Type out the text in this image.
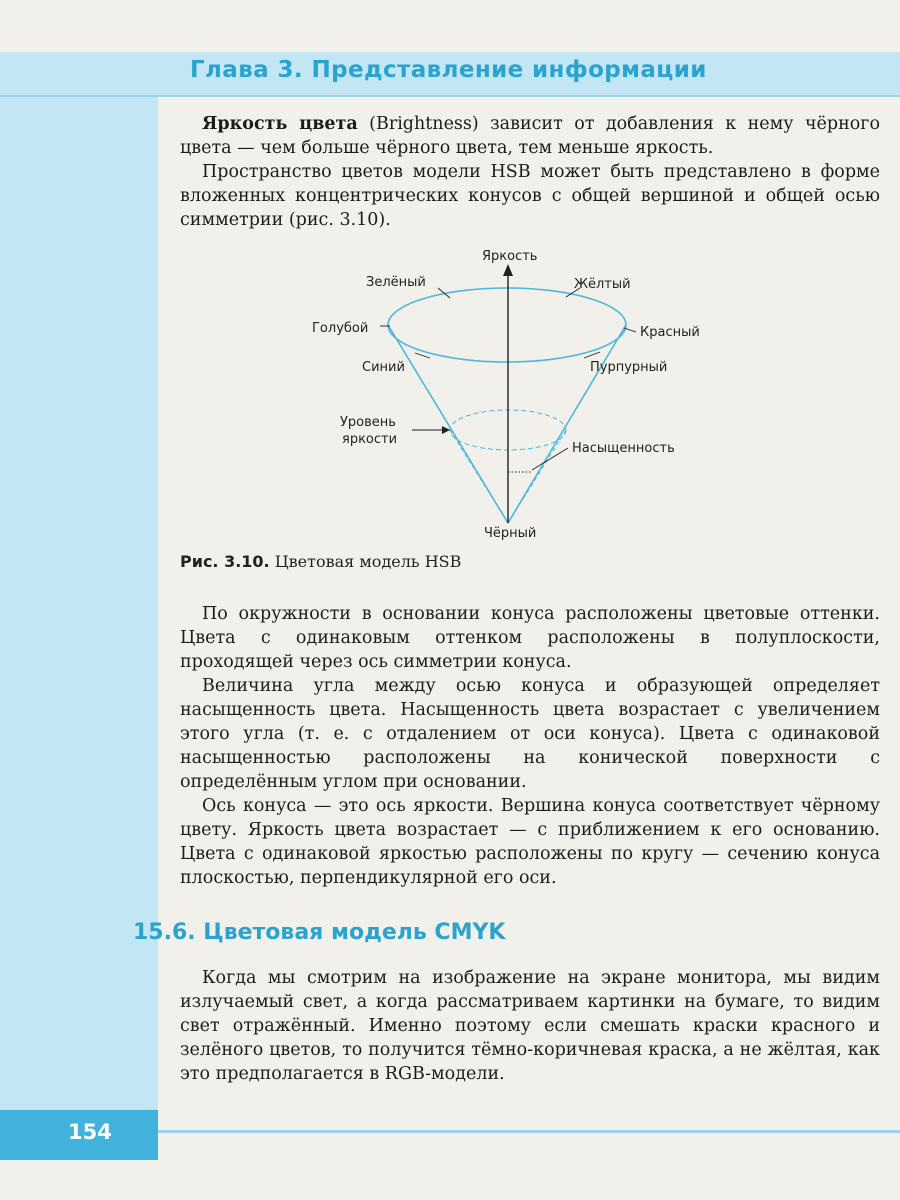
Глава 3. Представление информации

Яркость цвета (Brightness) зависит от добавления к нему чёрного цвета — чем больше чёрного цвета, тем меньше яркость.

Пространство цветов модели HSB может быть представлено в форме вложенных концентрических конусов с общей вершиной и общей осью симметрии (рис. 3.10).

Яркость
Зелёный	Жёлтый
Голубой	Красный
Синий	Пурпурный
Уровень
яркости
Насыщенность
Чёрный
Рис. 3.10. Цветовая модель HSB

По окружности в основании конуса расположены цветовые оттенки. Цвета с одинаковым оттенком расположены в полуплоскости, проходящей через ось симметрии конуса.

Величина угла между осью конуса и образующей определяет насыщенность цвета. Насыщенность цвета возрастает с увеличением этого угла (т. е. с отдалением от оси конуса). Цвета с одинаковой насыщенностью расположены на конической поверхности с определённым углом при основании.

Ось конуса — это ось яркости. Вершина конуса соответствует чёрному цвету. Яркость цвета возрастает — с приближением к его основанию. Цвета с одинаковой яркостью расположены по кругу — сечению конуса плоскостью, перпендикулярной его оси.

15.6. Цветовая модель CMYK

Когда мы смотрим на изображение на экране монитора, мы видим излучаемый свет, а когда рассматриваем картинки на бумаге, то видим свет отражённый. Именно поэтому если смешать краски красного и зелёного цветов, то получится тёмно-коричневая краска, а не жёлтая, как это предполагается в RGB-модели.

154
